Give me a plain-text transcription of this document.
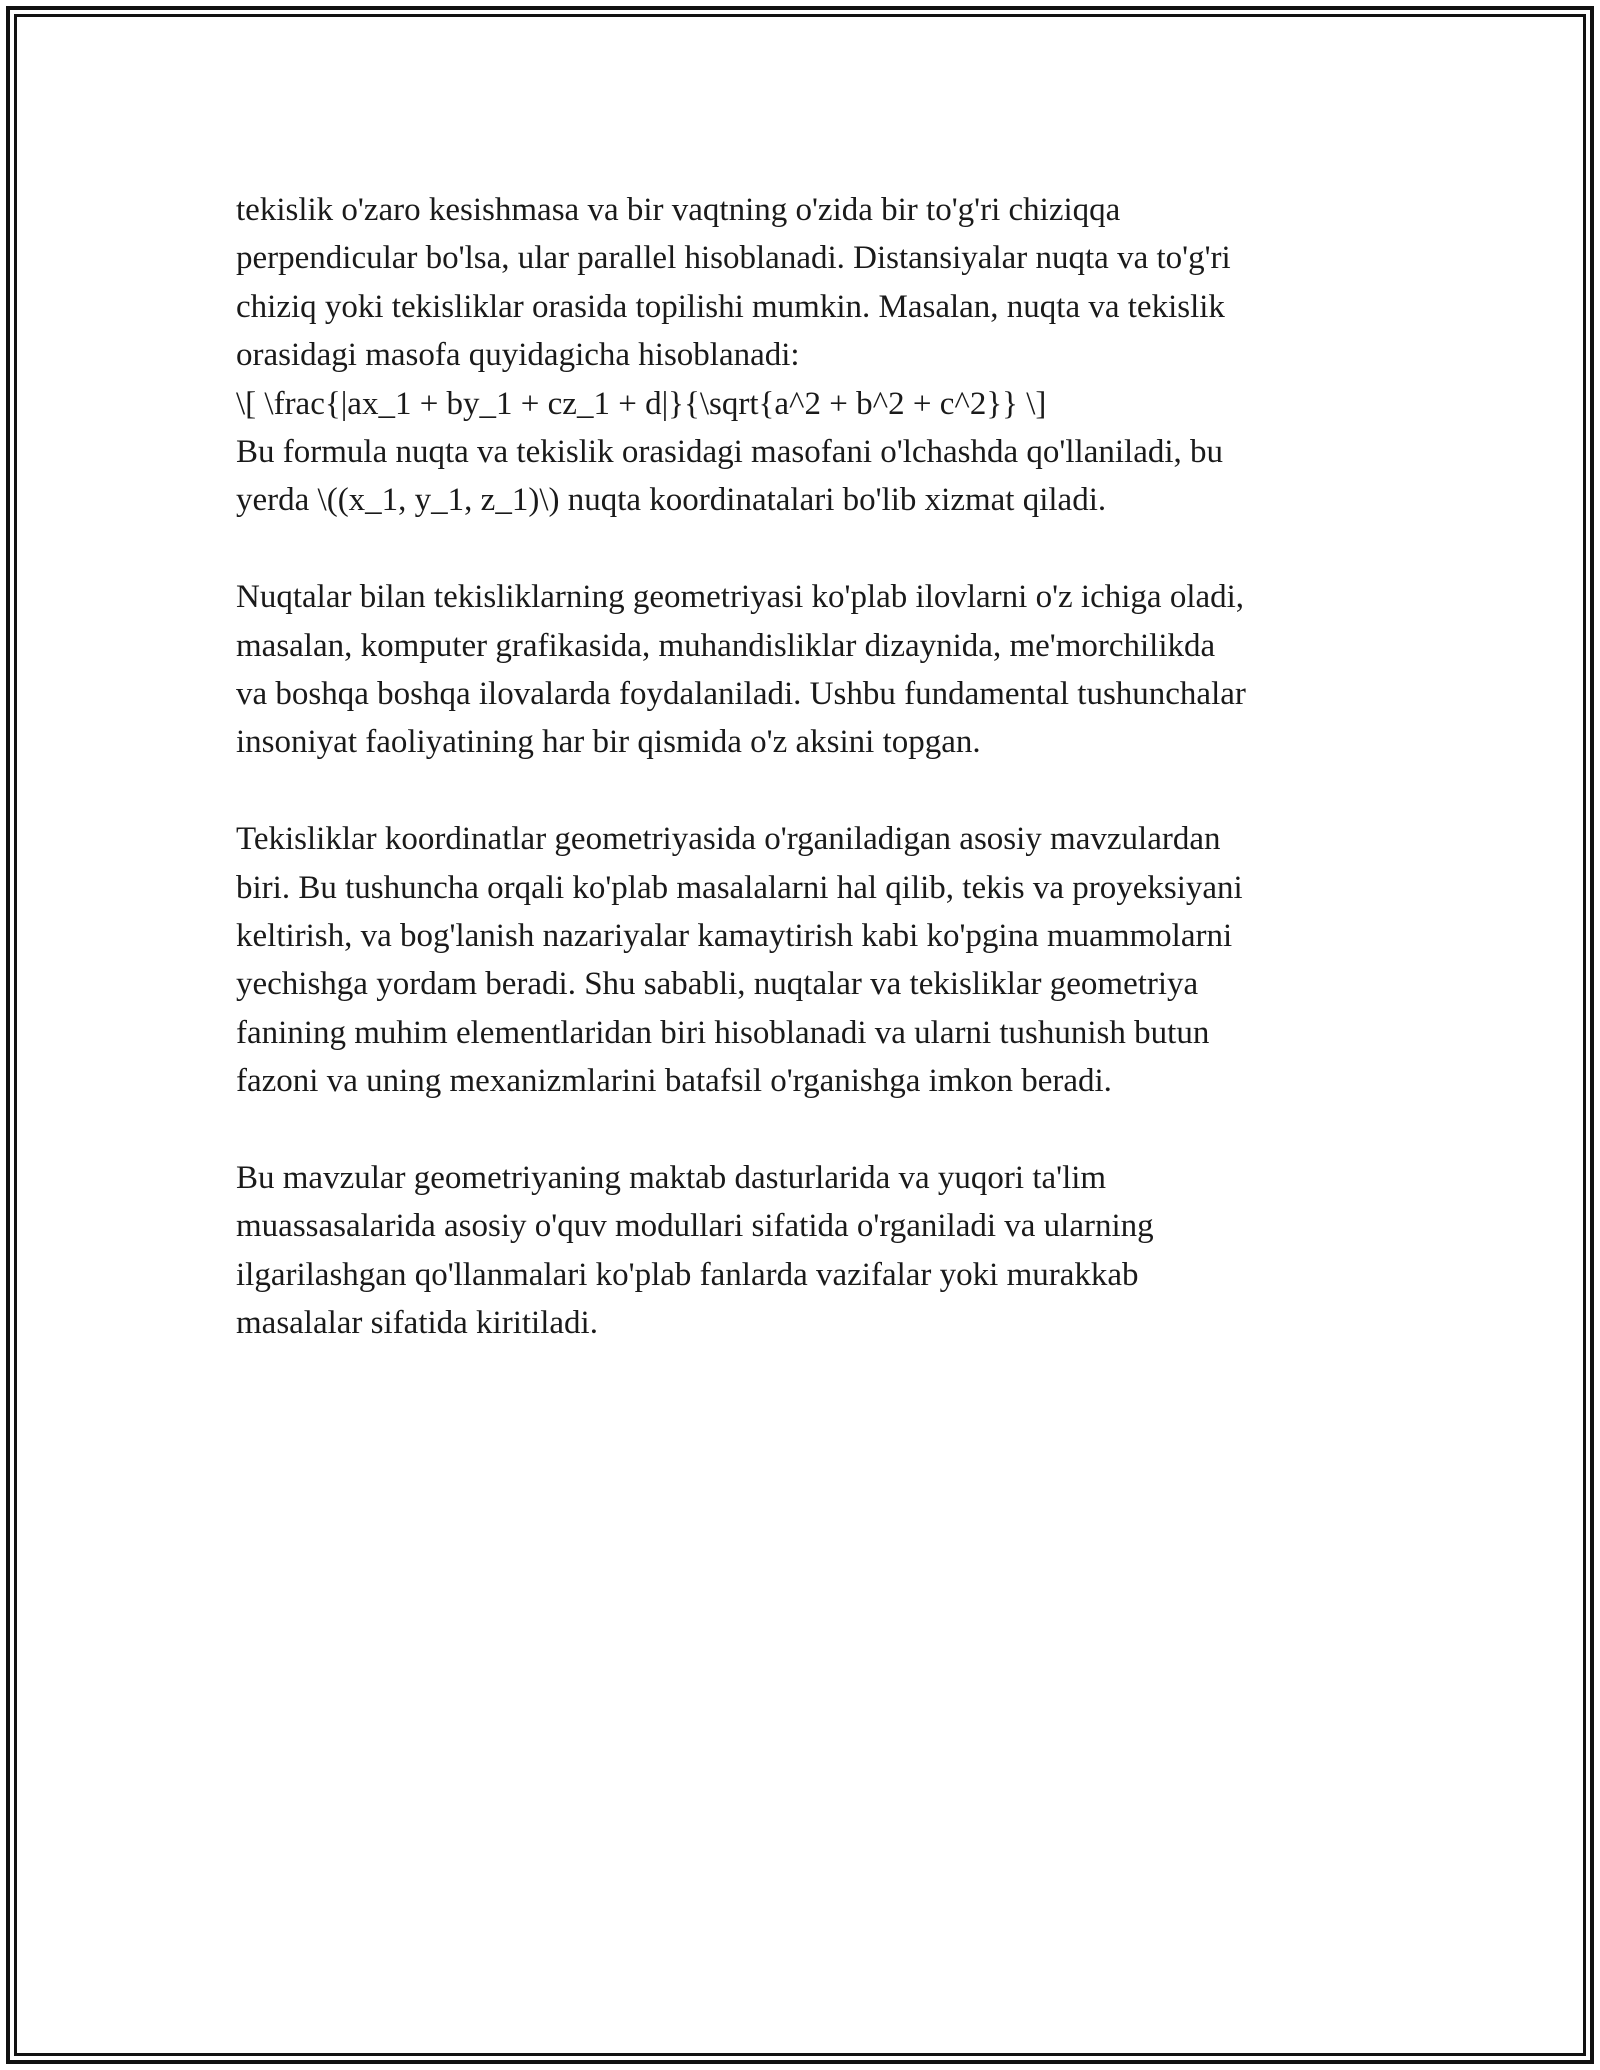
tekislik o'zaro kesishmasa va bir vaqtning o'zida bir to'g'ri chiziqqa
perpendicular bo'lsa, ular parallel hisoblanadi. Distansiyalar nuqta va to'g'ri
chiziq yoki tekisliklar orasida topilishi mumkin. Masalan, nuqta va tekislik
orasidagi masofa quyidagicha hisoblanadi:
\[ \frac{|ax_1 + by_1 + cz_1 + d|}{\sqrt{a^2 + b^2 + c^2}} \]
Bu formula nuqta va tekislik orasidagi masofani o'lchashda qo'llaniladi, bu
yerda \((x_1, y_1, z_1)\) nuqta koordinatalari bo'lib xizmat qiladi.

Nuqtalar bilan tekisliklarning geometriyasi ko'plab ilovlarni o'z ichiga oladi,
masalan, komputer grafikasida, muhandisliklar dizaynida, me'morchilikda
va boshqa boshqa ilovalarda foydalaniladi. Ushbu fundamental tushunchalar
insoniyat faoliyatining har bir qismida o'z aksini topgan.

Tekisliklar koordinatlar geometriyasida o'rganiladigan asosiy mavzulardan
biri. Bu tushuncha orqali ko'plab masalalarni hal qilib, tekis va proyeksiyani
keltirish, va bog'lanish nazariyalar kamaytirish kabi ko'pgina muammolarni
yechishga yordam beradi. Shu sababli, nuqtalar va tekisliklar geometriya
fanining muhim elementlaridan biri hisoblanadi va ularni tushunish butun
fazoni va uning mexanizmlarini batafsil o'rganishga imkon beradi.

Bu mavzular geometriyaning maktab dasturlarida va yuqori ta'lim
muassasalarida asosiy o'quv modullari sifatida o'rganiladi va ularning
ilgarilashgan qo'llanmalari ko'plab fanlarda vazifalar yoki murakkab
masalalar sifatida kiritiladi.
